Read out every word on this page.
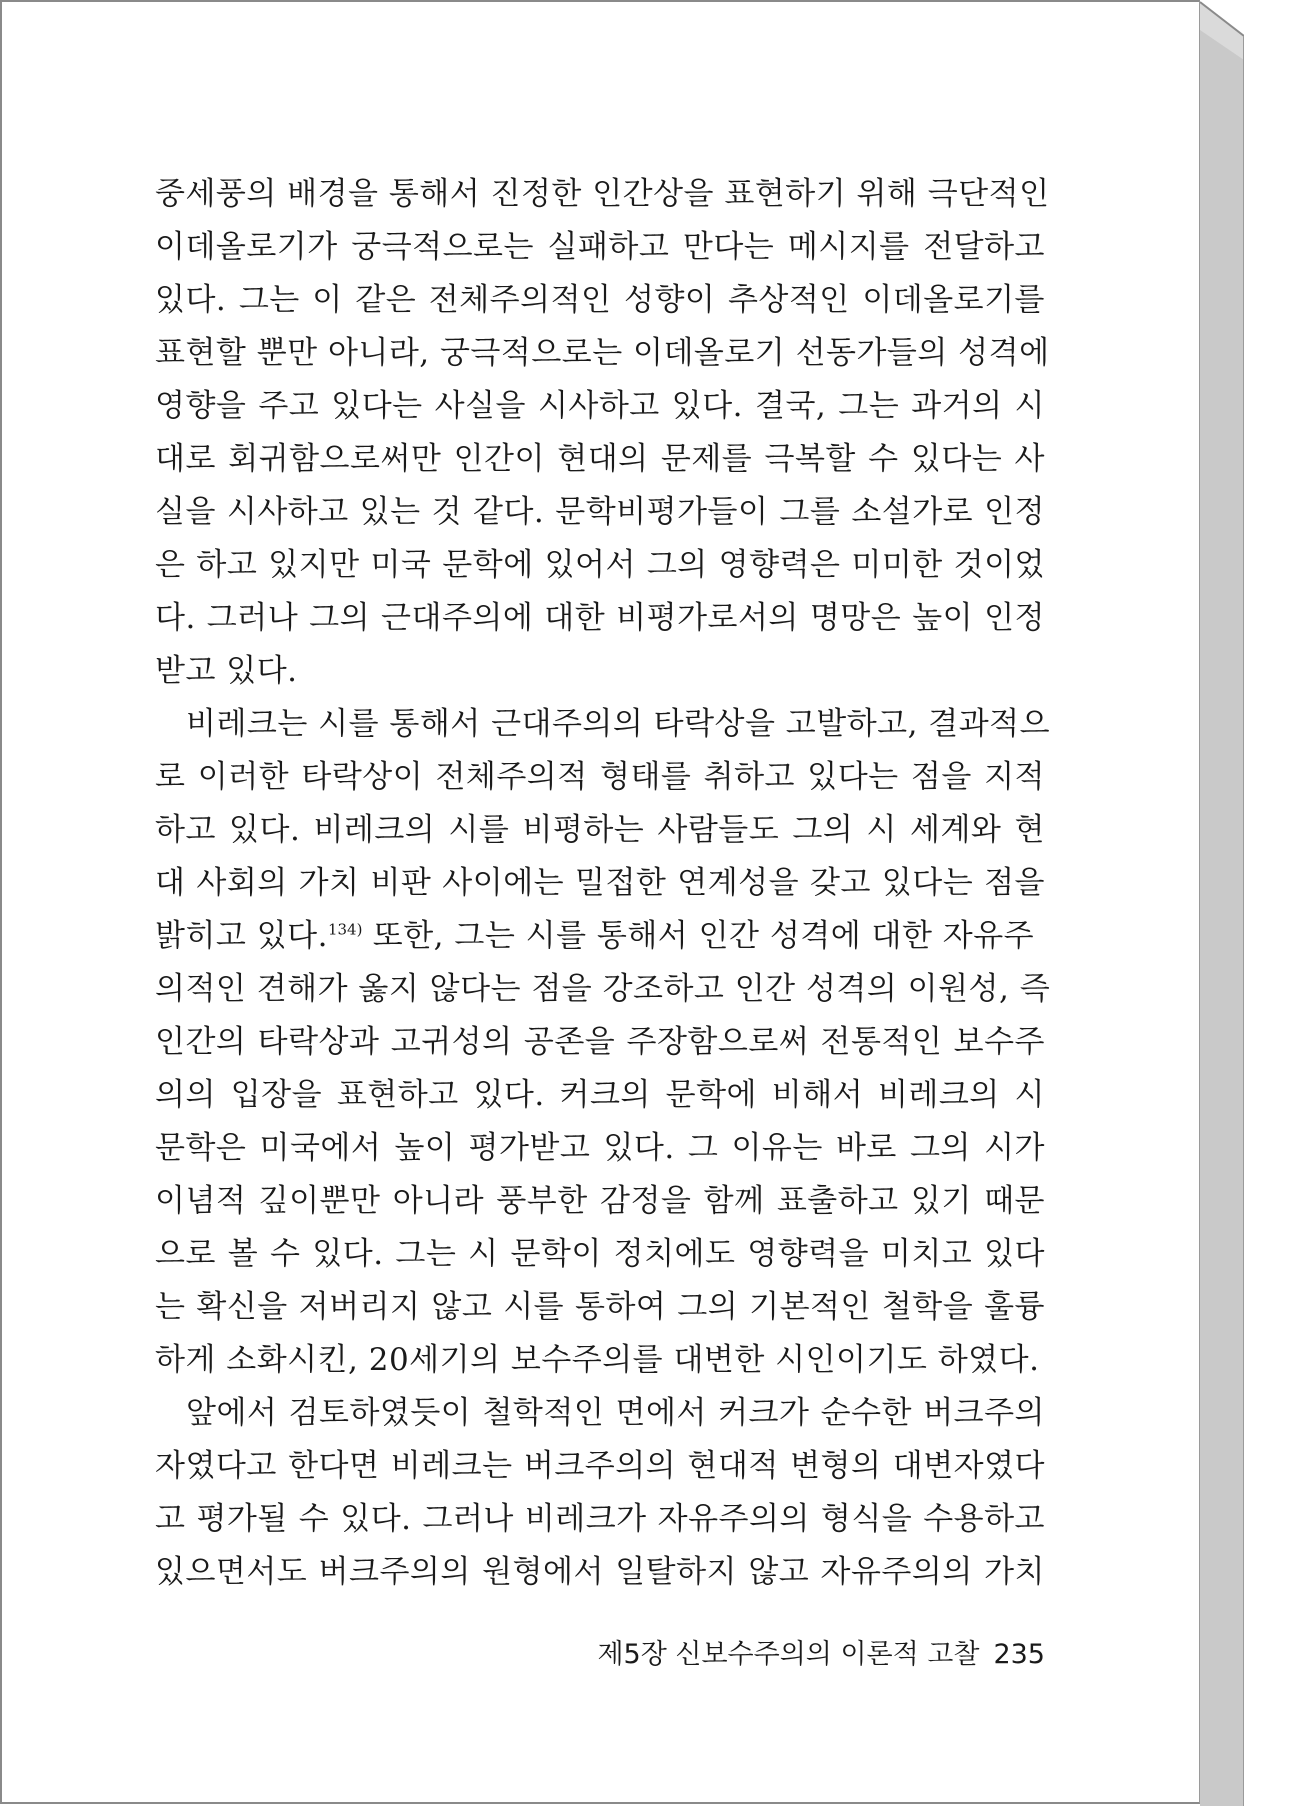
중세풍의 배경을 통해서 진정한 인간상을 표현하기 위해 극단적인
이데올로기가 궁극적으로는 실패하고 만다는 메시지를 전달하고
있다. 그는 이 같은 전체주의적인 성향이 추상적인 이데올로기를
표현할 뿐만 아니라, 궁극적으로는 이데올로기 선동가들의 성격에
영향을 주고 있다는 사실을 시사하고 있다. 결국, 그는 과거의 시
대로 회귀함으로써만 인간이 현대의 문제를 극복할 수 있다는 사
실을 시사하고 있는 것 같다. 문학비평가들이 그를 소설가로 인정
은 하고 있지만 미국 문학에 있어서 그의 영향력은 미미한 것이었
다. 그러나 그의 근대주의에 대한 비평가로서의 명망은 높이 인정
받고 있다.
비레크는 시를 통해서 근대주의의 타락상을 고발하고, 결과적으
로 이러한 타락상이 전체주의적 형태를 취하고 있다는 점을 지적
하고 있다. 비레크의 시를 비평하는 사람들도 그의 시 세계와 현
대 사회의 가치 비판 사이에는 밀접한 연계성을 갖고 있다는 점을
밝히고 있다.$^{134)}$ 또한, 그는 시를 통해서 인간 성격에 대한 자유주
의적인 견해가 옳지 않다는 점을 강조하고 인간 성격의 이원성, 즉
인간의 타락상과 고귀성의 공존을 주장함으로써 전통적인 보수주
의의 입장을 표현하고 있다. 커크의 문학에 비해서 비레크의 시
문학은 미국에서 높이 평가받고 있다. 그 이유는 바로 그의 시가
이념적 깊이뿐만 아니라 풍부한 감정을 함께 표출하고 있기 때문
으로 볼 수 있다. 그는 시 문학이 정치에도 영향력을 미치고 있다
는 확신을 저버리지 않고 시를 통하여 그의 기본적인 철학을 훌륭
하게 소화시킨, 20세기의 보수주의를 대변한 시인이기도 하였다.
앞에서 검토하였듯이 철학적인 면에서 커크가 순수한 버크주의
자였다고 한다면 비레크는 버크주의의 현대적 변형의 대변자였다
고 평가될 수 있다. 그러나 비레크가 자유주의의 형식을 수용하고
있으면서도 버크주의의 원형에서 일탈하지 않고 자유주의의 가치
제5장 신보수주의의 이론적 고찰 235
